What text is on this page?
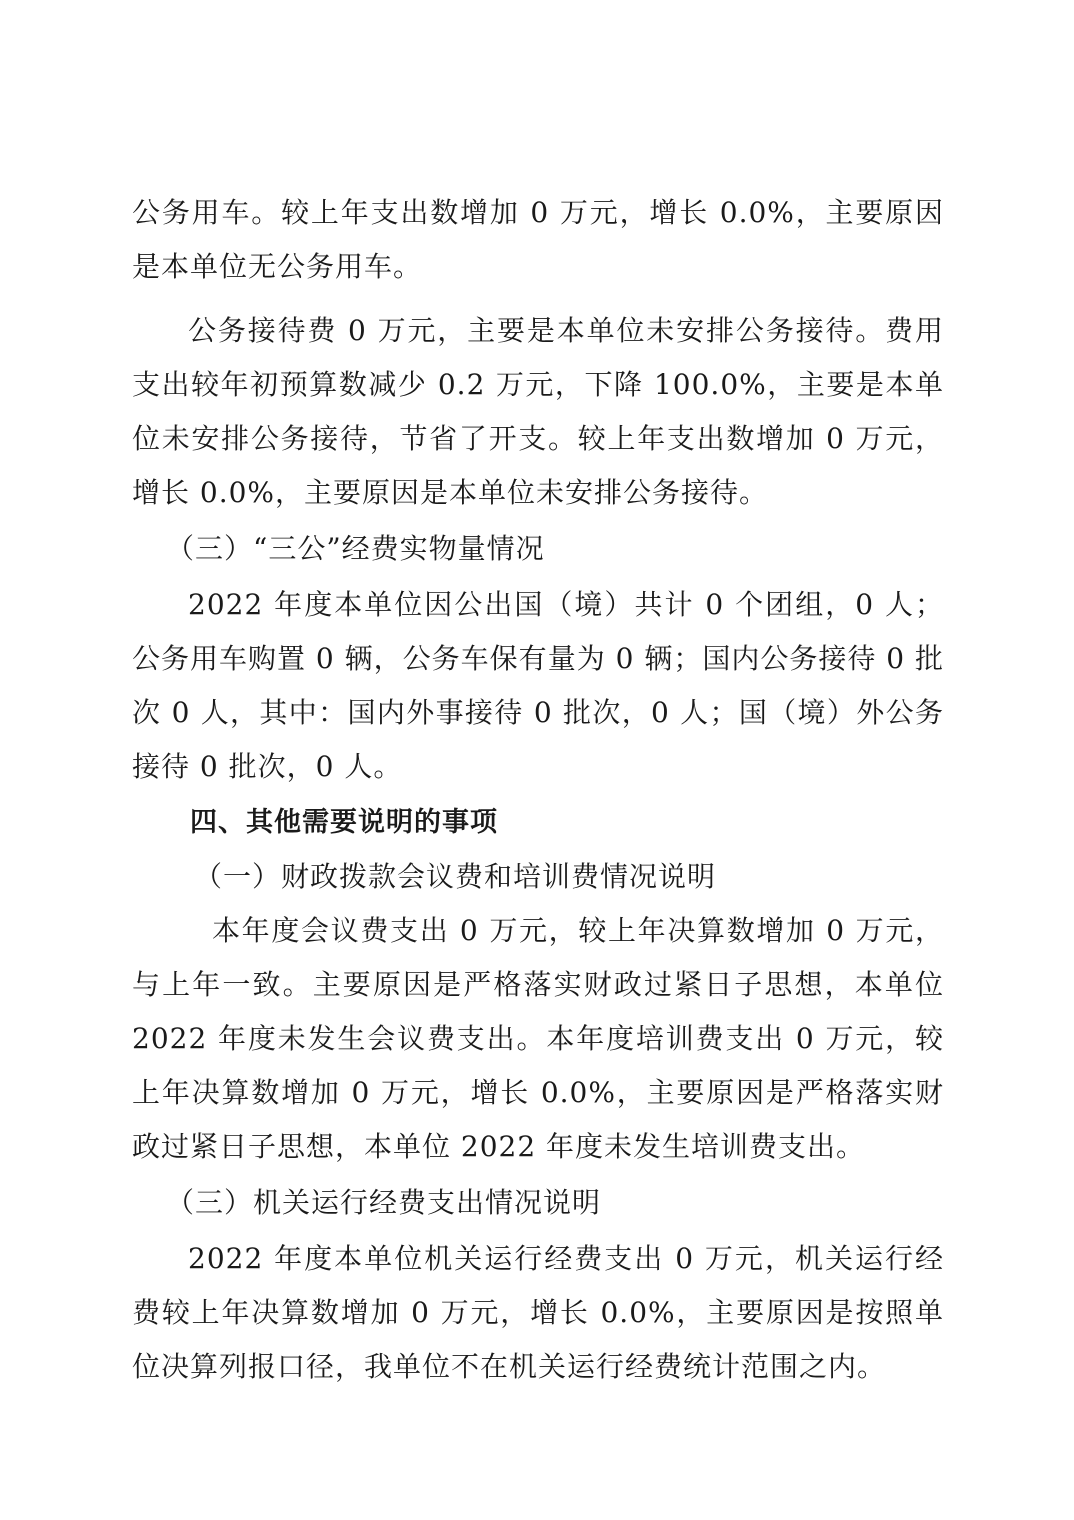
公务用车。较上年支出数增加 0 万元，增长 0.0%，主要原因是本单位无公务用车。

公务接待费 0 万元，主要是本单位未安排公务接待。费用支出较年初预算数减少 0.2 万元，下降 100.0%，主要是本单位未安排公务接待，节省了开支。较上年支出数增加 0 万元，增长 0.0%，主要原因是本单位未安排公务接待。

（三）“三公”经费实物量情况

2022 年度本单位因公出国（境）共计 0 个团组，0 人；公务用车购置 0 辆，公务车保有量为 0 辆；国内公务接待 0 批次 0 人，其中：国内外事接待 0 批次，0 人；国（境）外公务接待 0 批次，0 人。

四、其他需要说明的事项

（一）财政拨款会议费和培训费情况说明

本年度会议费支出 0 万元，较上年决算数增加 0 万元，与上年一致。主要原因是严格落实财政过紧日子思想，本单位 2022 年度未发生会议费支出。本年度培训费支出 0 万元，较上年决算数增加 0 万元，增长 0.0%，主要原因是严格落实财政过紧日子思想，本单位 2022 年度未发生培训费支出。

（三）机关运行经费支出情况说明

2022 年度本单位机关运行经费支出 0 万元，机关运行经费较上年决算数增加 0 万元，增长 0.0%，主要原因是按照单位决算列报口径，我单位不在机关运行经费统计范围之内。
